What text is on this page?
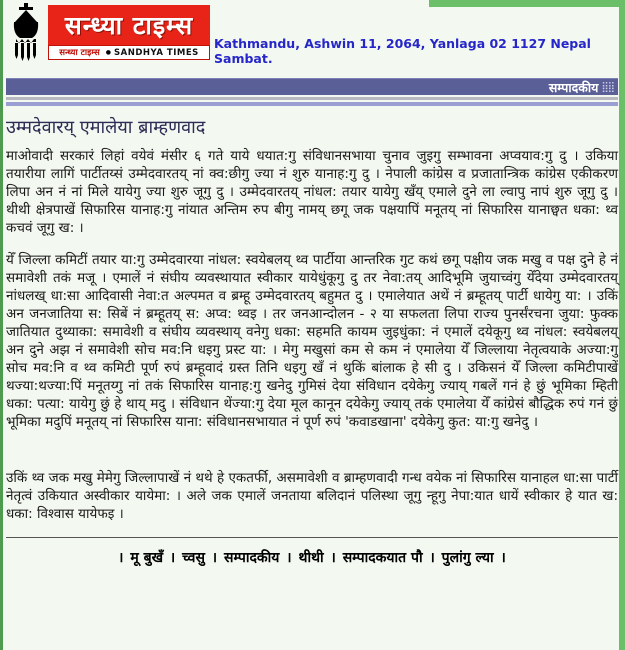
सन्ध्या टाइम्स
सन्ध्या टाइम्स ● SANDHYA TIMES
Kathmandu, Ashwin 11, 2064, Yanlaga 02 1127 Nepal Sambat.
सम्पादकीय ⣿⣿
उम्मदेवारय् एमालेया ब्राम्हणवाद

माओवादी सरकारं लिहां वयेवं मंसीर ६ गते याये धयात:गु संविधानसभाया चुनाव जुइगु सम्भावना अप्वयाव:गु दु । उकिया तयारीया लागिं पार्टीतय्सं उम्मेदवारतय् नां क्व:छीगु ज्या नं शुरु यानाह:गु दु । नेपाली कांग्रेस व प्रजातान्त्रिक कांग्रेस एकीकरण लिपा अन नं नां मिले यायेगु ज्या शुरु जूगु दु । उम्मेदवारतय् नांधल: तयार यायेगु खँय् एमाले दुने ला ल्वापु नापं शुरु जूगु दु । थीथी क्षेत्रपाखें सिफारिस यानाह:गु नांयात अन्तिम रुप बीगु नामय् छगू जक पक्षयापिं मनूतय् नां सिफारिस यानाछ्वत धका: थ्व कचवं जूगु ख: ।

येँ जिल्ला कमिटीं तयार या:गु उम्मेदवारया नांधल: स्वयेबलय् थ्व पार्टीया आन्तरिक गुट कथं छगू पक्षीय जक मखु व पक्ष दुने हे नं समावेशी तकं मजू । एमालें नं संघीय व्यवस्थायात स्वीकार यायेधुंकूगु दु तर नेवा:तय् आदिभूमि जुयाच्वंगु येँदेया उम्मेदवारतय् नांधलख् धा:सा आदिवासी नेवा:त अल्पमत व ब्रम्हू उम्मेदवारतय् बहुमत दु । एमालेयात अथें नं ब्रम्हूतय् पार्टी धायेगु या: । उकिं अन जनजातिया स: सिबें नं ब्रम्हूतय् स: अप्व: थ्वइ । तर जनआन्दोलन - २ या सफलता लिपा राज्य पुनर्संरचना जुया: फुक्क जातियात दुथ्याका: समावेशी व संघीय व्यवस्थाय् वनेगु धका: सहमति कायम जुइधुंका: नं एमालें दयेकूगु थ्व नांधल: स्वयेबलय् अन दुने अझ नं समावेशी सोच मव:नि धइगु प्रस्ट या: । मेगु मखुसां कम से कम नं एमालेया येँ जिल्लाया नेतृत्वयाके अज्या:गु सोच मव:नि व थ्व कमिटी पूर्ण रुपं ब्रम्हूवादं ग्रस्त तिनि धइगु खँ नं थुकिं बांलाक हे सी दु । उकिसनं येँ जिल्ला कमिटीपाखें थज्या:थज्या:पिं मनूतय्गु नां तकं सिफारिस यानाह:गु खनेदु गुमिसं देया संविधान दयेकेगु ज्याय् गबलें गनं हे छुं भूमिका म्हिती धका: पत्या: यायेगु छुं हे थाय् मदु । संविधान थेंज्या:गु देया मूल कानून दयेकेगु ज्याय् तकं एमालेया येँ कांग्रेसं बौद्धिक रुपं गनं छुं भूमिका मदुपिं मनूतय् नां सिफारिस याना: संविधानसभायात नं पूर्ण रुपं 'कवाडखाना' दयेकेगु कुत: या:गु खनेदु ।

उकिं थ्व जक मखु मेमेगु जिल्लापाखें नं थथे हे एकतर्फी, असमावेशी व ब्राम्हणवादी गन्ध वयेक नां सिफारिस यानाहल धा:सा पार्टी नेतृत्वं उकियात अस्वीकार यायेमा: । अले जक एमालें जनताया बलिदानं पलिस्था जूगु न्हूगु नेपा:यात धायें स्वीकार हे यात ख: धका: विश्वास यायेफइ ।

। मू बुखँ । च्वसु । सम्पादकीय । थीथी । सम्पादकयात पौ । पुलांगु ल्या ।
